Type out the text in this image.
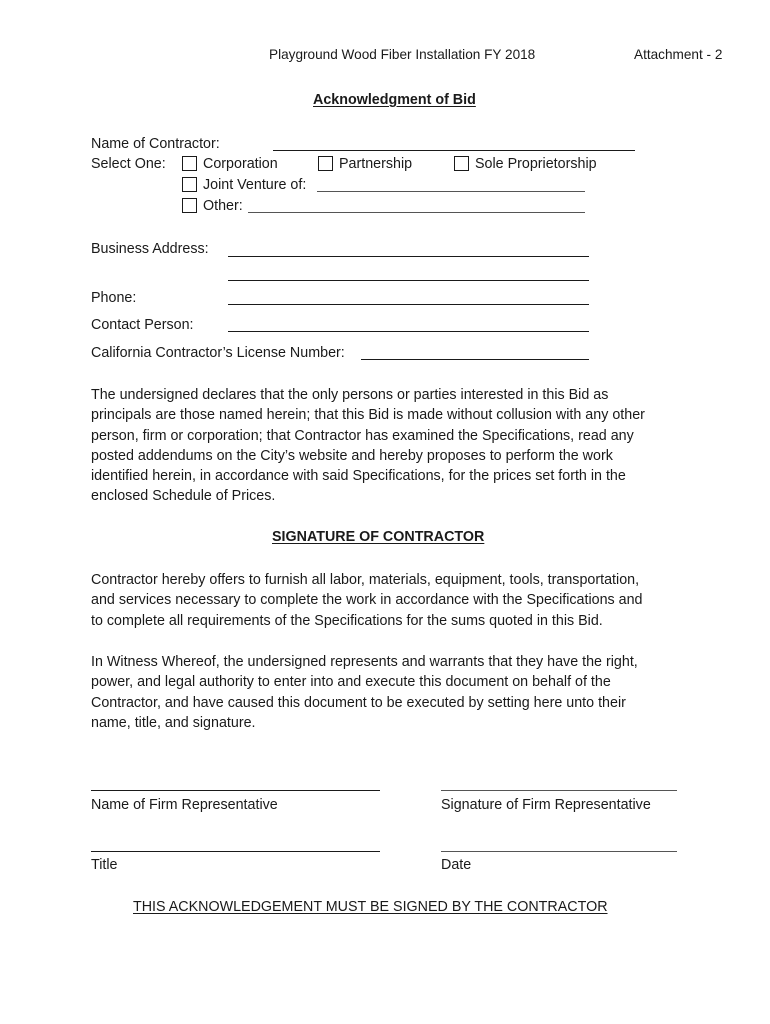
Playground Wood Fiber Installation FY 2018	Attachment - 2
Acknowledgment of Bid
Name of Contractor:
Select One:	Corporation	Partnership	Sole Proprietorship
Joint Venture of:
Other:
Business Address:
Phone:
Contact Person:
California Contractor’s License Number:
The undersigned declares that the only persons or parties interested in this Bid as
principals are those named herein; that this Bid is made without collusion with any other
person, firm or corporation; that Contractor has examined the Specifications, read any
posted addendums on the City’s website and hereby proposes to perform the work
identified herein, in accordance with said Specifications, for the prices set forth in the
enclosed Schedule of Prices.
SIGNATURE OF CONTRACTOR
Contractor hereby offers to furnish all labor, materials, equipment, tools, transportation,
and services necessary to complete the work in accordance with the Specifications and
to complete all requirements of the Specifications for the sums quoted in this Bid.
In Witness Whereof, the undersigned represents and warrants that they have the right,
power, and legal authority to enter into and execute this document on behalf of the
Contractor, and have caused this document to be executed by setting here unto their
name, title, and signature.
Name of Firm Representative	Signature of Firm Representative
Title	Date
THIS ACKNOWLEDGEMENT MUST BE SIGNED BY THE CONTRACTOR
